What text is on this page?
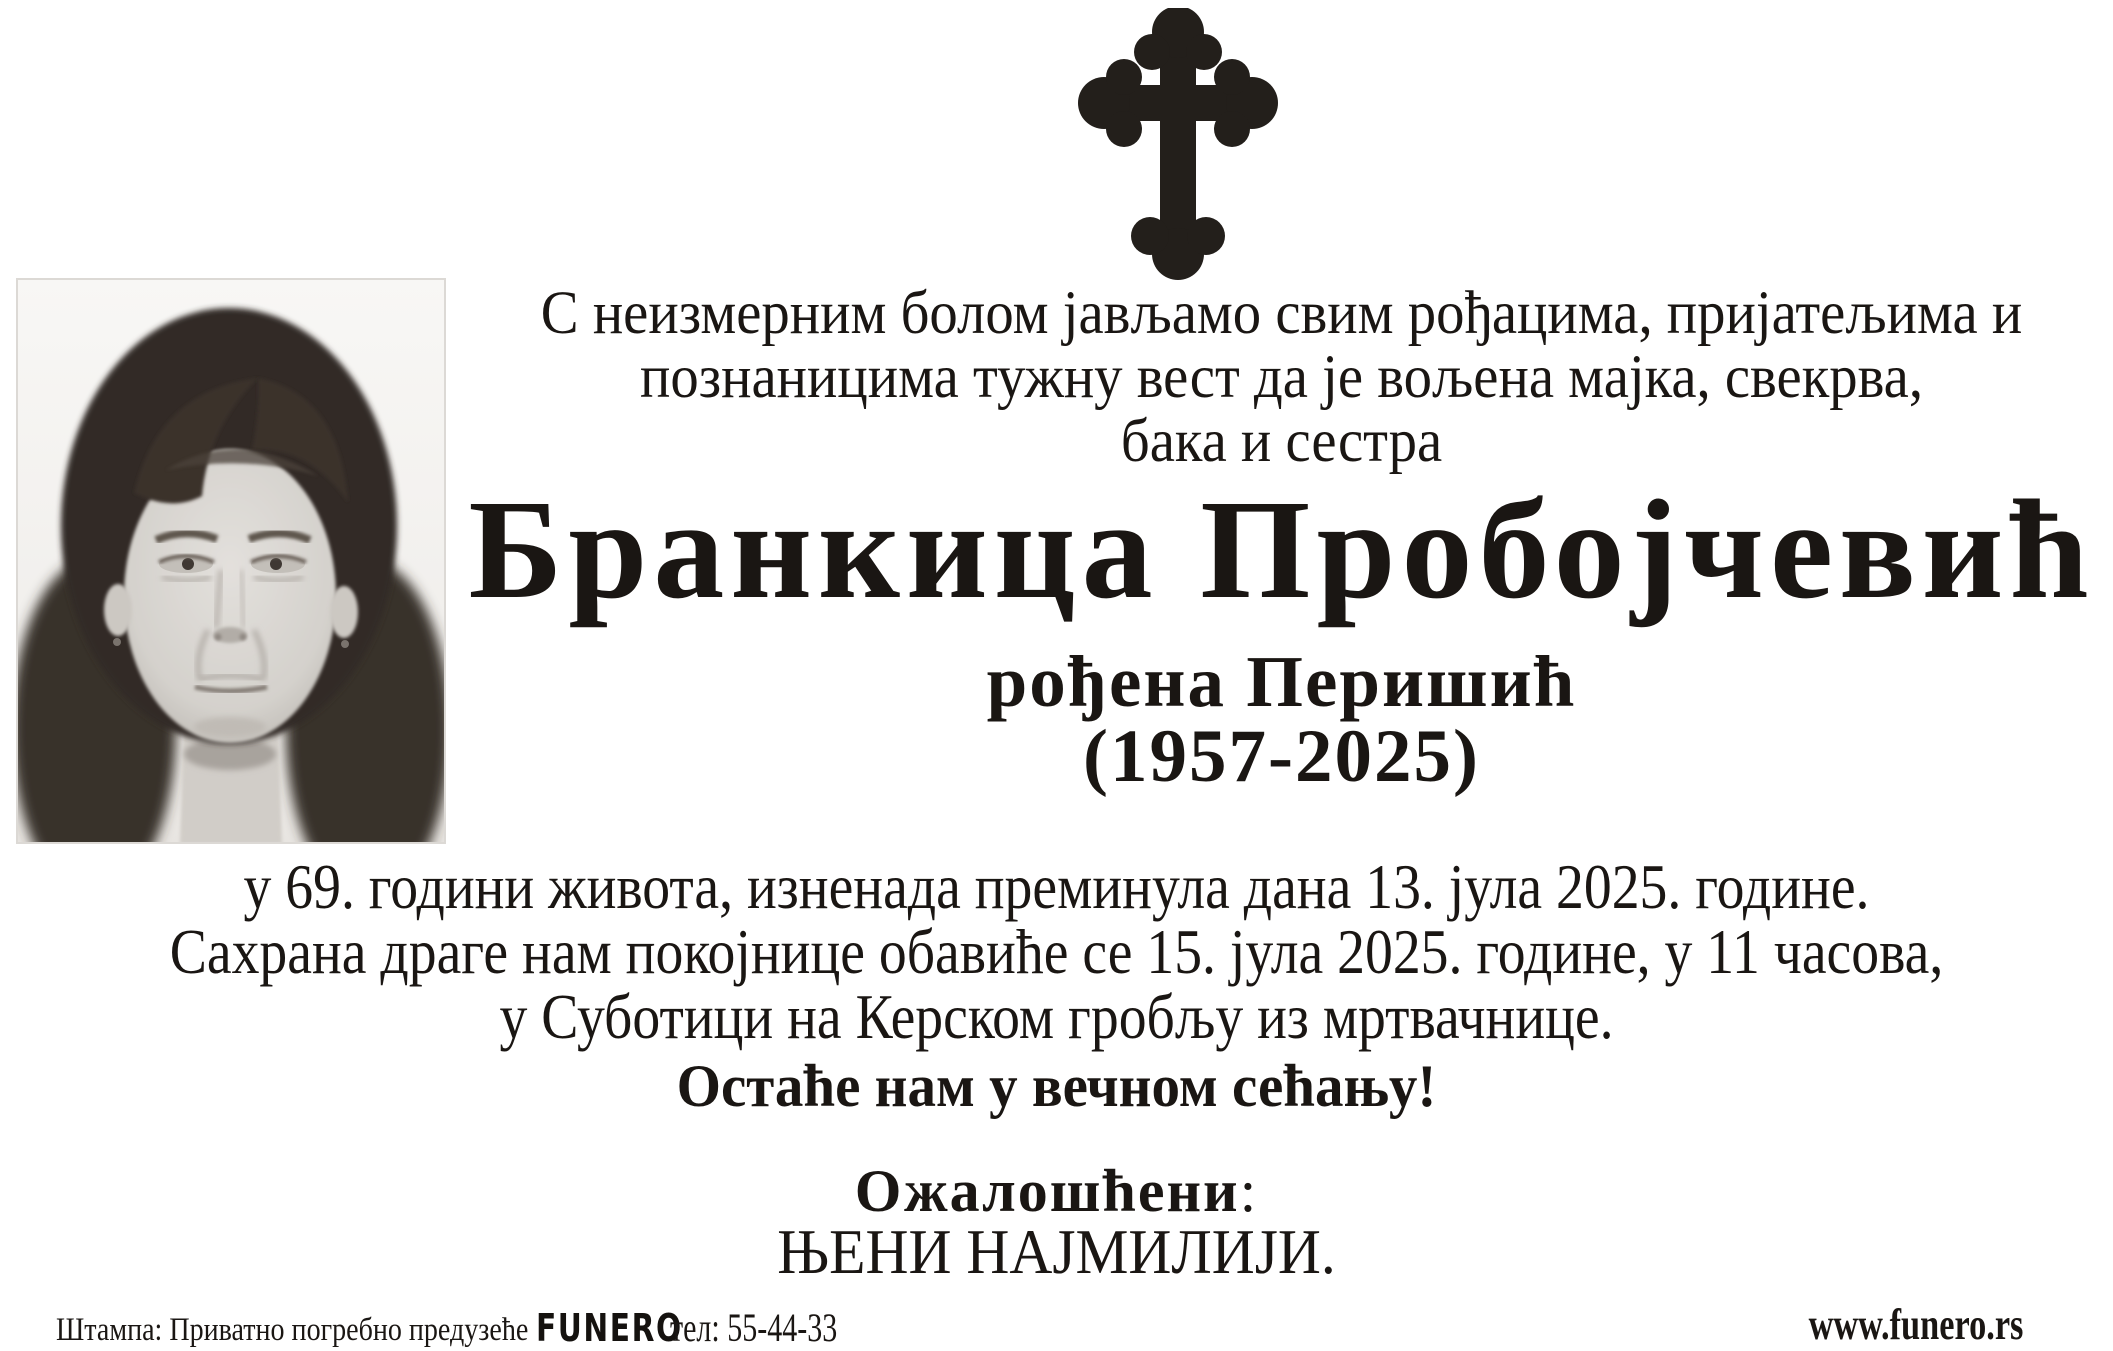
С неизмерним болом јављамо свим рођацима, пријатељима и
познаницима тужну вест да је вољена мајка, свекрва,
бака и сестра
Бранкица Пробојчевић
рођена Перишић
(1957-2025)
у 69. години живота, изненада преминула дана 13. јула 2025. године.
Сахрана драге нам покојнице обавиће се 15. јула 2025. године, у 11 часова,
у Суботици на Керском гробљу из мртвачнице.
Остаће нам у вечном сећању!
Ожалошћени:
ЊЕНИ НАЈМИЛИЈИ.
Штампа: Приватно погребно предузеће FUNERO
тел: 55-44-33	www.funero.rs
